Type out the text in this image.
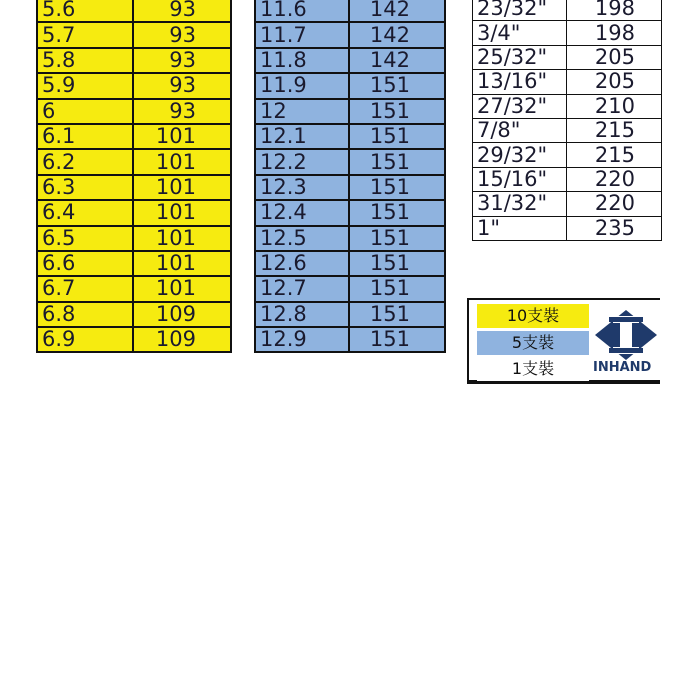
5.6	93
5.7	93
5.8	93
5.9	93
6	93
6.1	101
6.2	101
6.3	101
6.4	101
6.5	101
6.6	101
6.7	101
6.8	109
6.9	109
11.6	142
11.7	142
11.8	142
11.9	151
12	151
12.1	151
12.2	151
12.3	151
12.4	151
12.5	151
12.6	151
12.7	151
12.8	151
12.9	151
23/32"	198
3/4"	198
25/32"	205
13/16"	205
27/32"	210
7/8"	215
29/32"	215
15/16"	220
31/32"	220
1"	235
10支裝
5支裝
1支裝	INHAND
